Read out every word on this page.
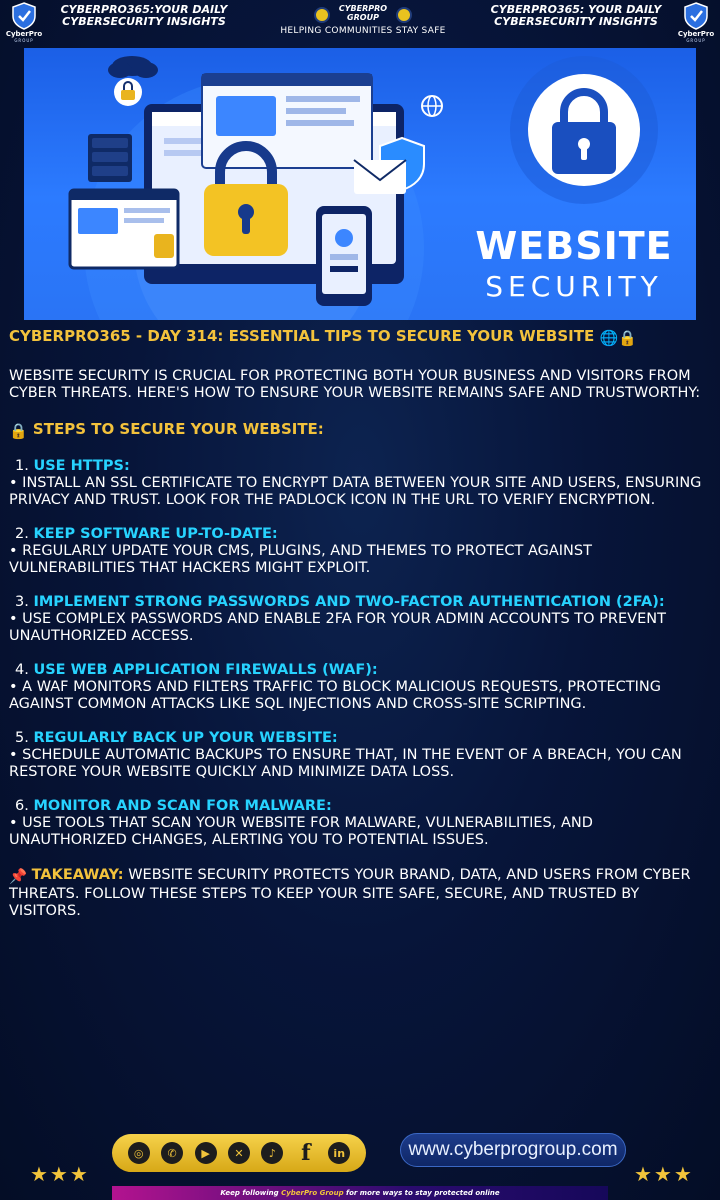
CyberPro
GROUP
CYBERPRO365:YOUR DAILY CYBERSECURITY INSIGHTS
CYBERPRO GROUP
HELPING COMMUNITIES STAY SAFE
CYBERPRO365: YOUR DAILY CYBERSECURITY INSIGHTS
CyberPro
GROUP
WEBSITE
SECURITY
CYBERPRO365 - DAY 314: ESSENTIAL TIPS TO SECURE YOUR WEBSITE 🌐🔒
WEBSITE SECURITY IS CRUCIAL FOR PROTECTING BOTH YOUR BUSINESS AND VISITORS FROM CYBER THREATS. HERE'S HOW TO ENSURE YOUR WEBSITE REMAINS SAFE AND TRUSTWORTHY:
🔒 STEPS TO SECURE YOUR WEBSITE:
1. USE HTTPS:
• INSTALL AN SSL CERTIFICATE TO ENCRYPT DATA BETWEEN YOUR SITE AND USERS, ENSURING PRIVACY AND TRUST. LOOK FOR THE PADLOCK ICON IN THE URL TO VERIFY ENCRYPTION.
2. KEEP SOFTWARE UP-TO-DATE:
• REGULARLY UPDATE YOUR CMS, PLUGINS, AND THEMES TO PROTECT AGAINST VULNERABILITIES THAT HACKERS MIGHT EXPLOIT.
3. IMPLEMENT STRONG PASSWORDS AND TWO-FACTOR AUTHENTICATION (2FA):
• USE COMPLEX PASSWORDS AND ENABLE 2FA FOR YOUR ADMIN ACCOUNTS TO PREVENT UNAUTHORIZED ACCESS.
4. USE WEB APPLICATION FIREWALLS (WAF):
• A WAF MONITORS AND FILTERS TRAFFIC TO BLOCK MALICIOUS REQUESTS, PROTECTING AGAINST COMMON ATTACKS LIKE SQL INJECTIONS AND CROSS-SITE SCRIPTING.
5. REGULARLY BACK UP YOUR WEBSITE:
• SCHEDULE AUTOMATIC BACKUPS TO ENSURE THAT, IN THE EVENT OF A BREACH, YOU CAN RESTORE YOUR WEBSITE QUICKLY AND MINIMIZE DATA LOSS.
6. MONITOR AND SCAN FOR MALWARE:
• USE TOOLS THAT SCAN YOUR WEBSITE FOR MALWARE, VULNERABILITIES, AND UNAUTHORIZED CHANGES, ALERTING YOU TO POTENTIAL ISSUES.
📌 TAKEAWAY: WEBSITE SECURITY PROTECTS YOUR BRAND, DATA, AND USERS FROM CYBER THREATS. FOLLOW THESE STEPS TO KEEP YOUR SITE SAFE, SECURE, AND TRUSTED BY VISITORS.
★★★
◎	✆	▶	✕	♪	f	in	www.cyberprogroup.com
★★★
Keep following CyberPro Group for more ways to stay protected online
